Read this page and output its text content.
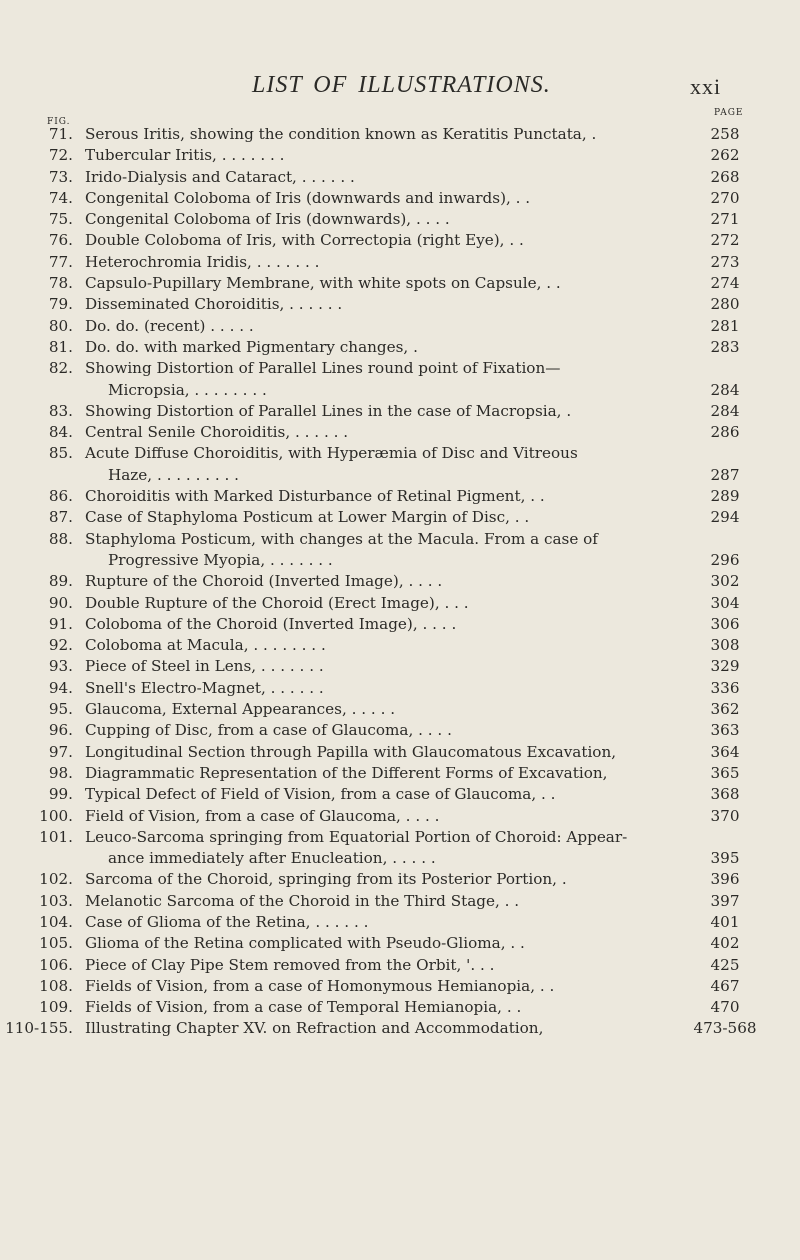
LIST OF ILLUSTRATIONS.	xxi
PAGE
FIG.
71. Serous Iritis, showing the condition known as Keratitis Punctata, .	258
72. Tubercular Iritis, . . . . . . .	262
73. Irido-Dialysis and Cataract, . . . . . .	268
74. Congenital Coloboma of Iris (downwards and inwards), . .	270
75. Congenital Coloboma of Iris (downwards), . . . .	271
76. Double Coloboma of Iris, with Correctopia (right Eye), . .	272
77. Heterochromia Iridis, . . . . . . .	273
78. Capsulo-Pupillary Membrane, with white spots on Capsule, . .	274
79. Disseminated Choroiditis, . . . . . .	280
80. Do. do. (recent) . . . . .	281
81. Do. do. with marked Pigmentary changes, .	283
82. Showing Distortion of Parallel Lines round point of Fixation—
Micropsia, . . . . . . . .	284
83. Showing Distortion of Parallel Lines in the case of Macropsia, .	284
84. Central Senile Choroiditis, . . . . . .	286
85. Acute Diffuse Choroiditis, with Hyperæmia of Disc and Vitreous
Haze, . . . . . . . . .	287
86. Choroiditis with Marked Disturbance of Retinal Pigment, . .	289
87. Case of Staphyloma Posticum at Lower Margin of Disc, . .	294
88. Staphyloma Posticum, with changes at the Macula. From a case of
Progressive Myopia, . . . . . . .	296
89. Rupture of the Choroid (Inverted Image), . . . .	302
90. Double Rupture of the Choroid (Erect Image), . . .	304
91. Coloboma of the Choroid (Inverted Image), . . . .	306
92. Coloboma at Macula, . . . . . . . .	308
93. Piece of Steel in Lens, . . . . . . .	329
94. Snell's Electro-Magnet, . . . . . .	336
95. Glaucoma, External Appearances, . . . . .	362
96. Cupping of Disc, from a case of Glaucoma, . . . .	363
97. Longitudinal Section through Papilla with Glaucomatous Excavation,	364
98. Diagrammatic Representation of the Different Forms of Excavation,	365
99. Typical Defect of Field of Vision, from a case of Glaucoma, . .	368
100. Field of Vision, from a case of Glaucoma, . . . .	370
101. Leuco-Sarcoma springing from Equatorial Portion of Choroid: Appear-
ance immediately after Enucleation, . . . . .	395
102. Sarcoma of the Choroid, springing from its Posterior Portion, .	396
103. Melanotic Sarcoma of the Choroid in the Third Stage, . .	397
104. Case of Glioma of the Retina, . . . . . .	401
105. Glioma of the Retina complicated with Pseudo-Glioma, . .	402
106. Piece of Clay Pipe Stem removed from the Orbit, '. . .	425
108. Fields of Vision, from a case of Homonymous Hemianopia, . .	467
109. Fields of Vision, from a case of Temporal Hemianopia, . .	470
110-155. Illustrating Chapter XV. on Refraction and Accommodation,	473-568
